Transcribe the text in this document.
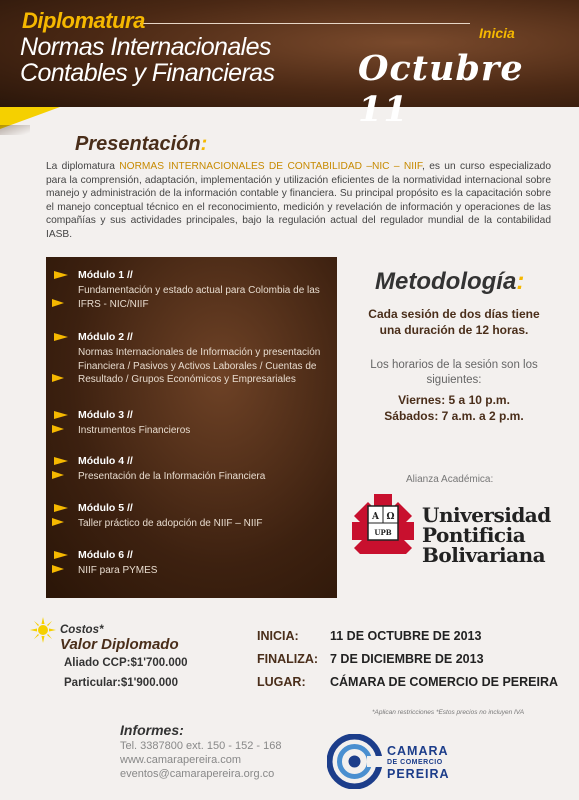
Diplomatura
Normas Internacionales
Contables y Financieras
Inicia
Octubre 11
Presentación:
La diplomatura NORMAS INTERNACIONALES DE CONTABILIDAD –NIC – NIIF, es un curso especializado para la comprensión, adaptación, implementación y utilización eficientes de la normatividad internacional sobre manejo y administración de la información contable y financiera. Su principal propósito es la capacitación sobre el manejo conceptual técnico en el reconocimiento, medición y revelación de información y operaciones de las compañías y sus actividades principales, bajo la regulación actual del regulador mundial de la contabilidad IASB.
Módulo 1 //
Fundamentación y estado actual para Colombia de las IFRS - NIC/NIIF
Módulo 2 //
Normas Internacionales de Información y presentación Financiera / Pasivos y Activos Laborales / Cuentas de Resultado / Grupos Económicos y Empresariales
Módulo 3 //
Instrumentos Financieros
Módulo 4 //
Presentación de la Información Financiera
Módulo 5 //
Taller práctico de adopción de NIIF – NIIF
Módulo 6 //
NIIF para PYMES
Metodología:
Cada sesión de dos días tiene
una duración de 12 horas.
Los horarios de la sesión son los
siguientes:
Viernes: 5 a 10 p.m.
Sábados: 7 a.m. a 2 p.m.
Alianza Académica:
A Ω
UPB
Universidad
Pontificia
Bolivariana
Costos*
Valor Diplomado
Aliado CCP:$1'700.000
Particular:$1'900.000
INICIA:	11 DE OCTUBRE DE 2013
FINALIZA: 7 DE DICIEMBRE DE 2013
LUGAR: CÁMARA DE COMERCIO DE PEREIRA
*Aplican restricciones *Estos precios no incluyen IVA
Informes:
Tel. 3387800 ext. 150 - 152 - 168
www.camarapereira.com
eventos@camarapereira.org.co
CAMARA
DE COMERCIO
PEREIRA
